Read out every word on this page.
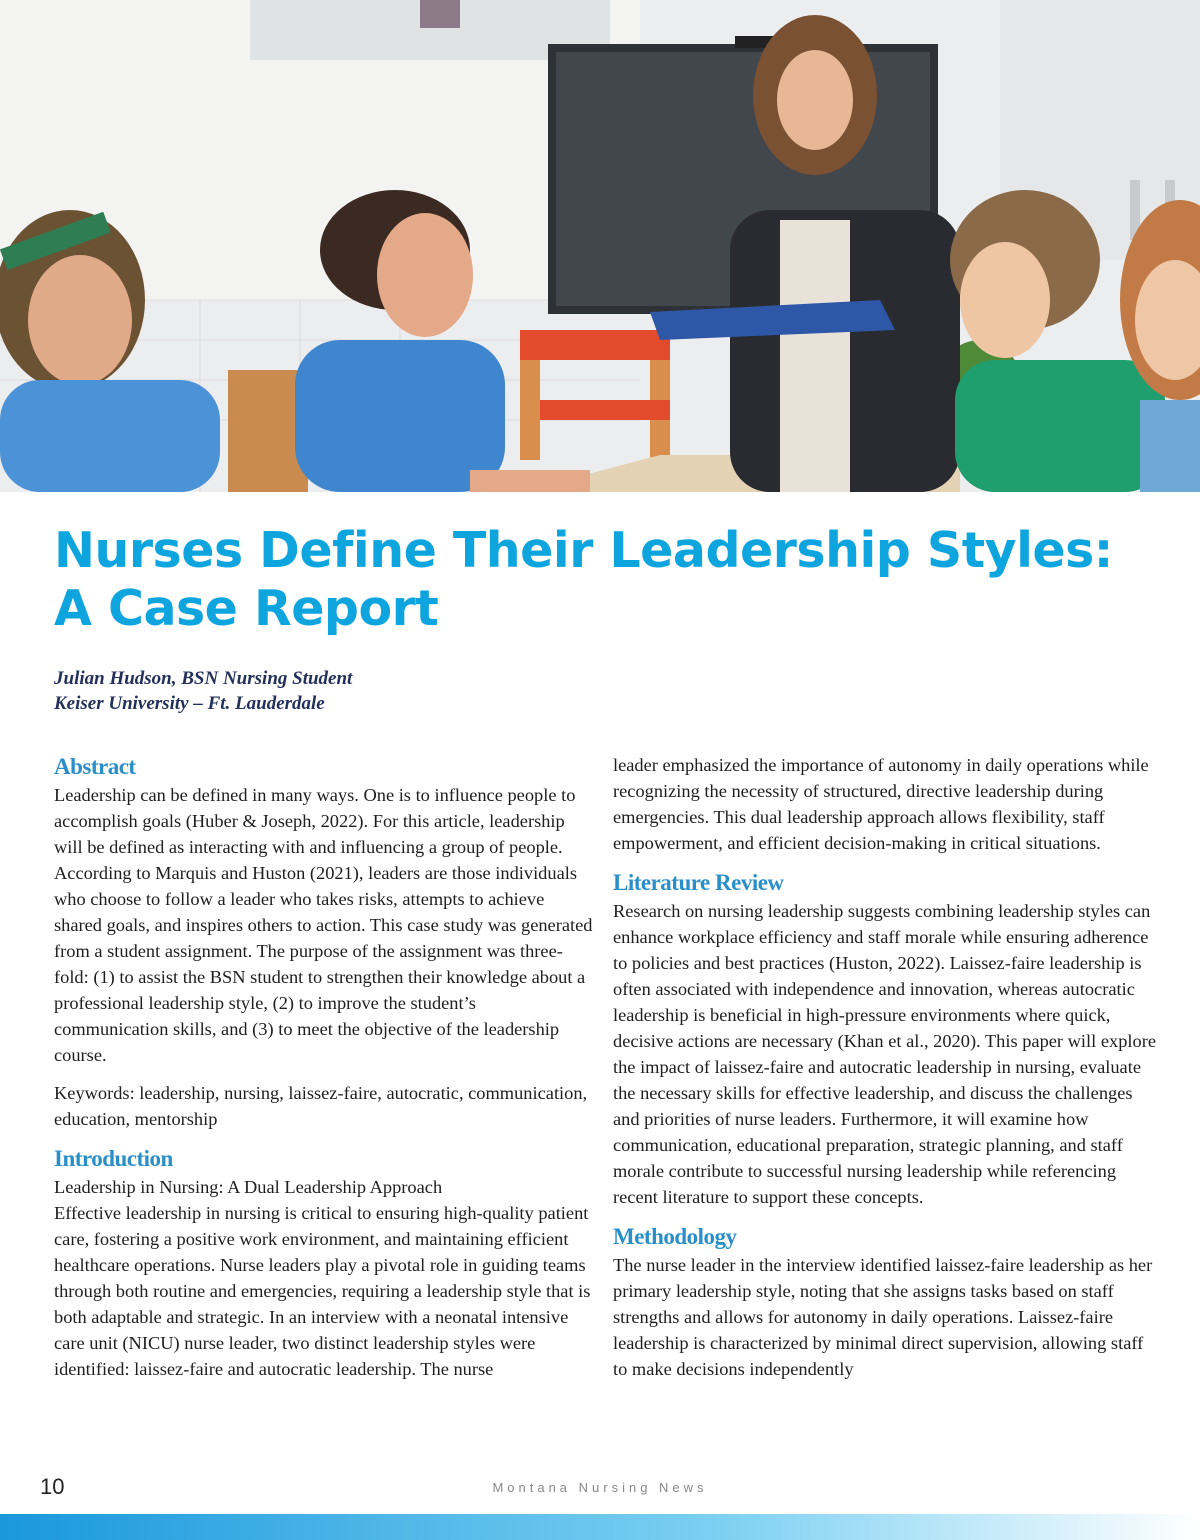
Nurses Define Their Leadership Styles: A Case Report

Julian Hudson, BSN Nursing Student

Keiser University – Ft. Lauderdale

Abstract

Leadership can be defined in many ways. One is to influence people to accomplish goals (Huber & Joseph, 2022). For this article, leadership will be defined as interacting with and influencing a group of people. According to Marquis and Huston (2021), leaders are those individuals who choose to follow a leader who takes risks, attempts to achieve shared goals, and inspires others to action. This case study was generated from a student assignment. The purpose of the assignment was three-fold: (1) to assist the BSN student to strengthen their knowledge about a professional leadership style, (2) to improve the student’s communication skills, and (3) to meet the objective of the leadership course.

Keywords: leadership, nursing, laissez-faire, autocratic, communication, education, mentorship

Introduction

Leadership in Nursing: A Dual Leadership Approach

Effective leadership in nursing is critical to ensuring high-quality patient care, fostering a positive work environment, and maintaining efficient healthcare operations. Nurse leaders play a pivotal role in guiding teams through both routine and emergencies, requiring a leadership style that is both adaptable and strategic. In an interview with a neonatal intensive care unit (NICU) nurse leader, two distinct leadership styles were identified: laissez-faire and autocratic leadership. The nurse

leader emphasized the importance of autonomy in daily operations while recognizing the necessity of structured, directive leadership during emergencies. This dual leadership approach allows flexibility, staff empowerment, and efficient decision-making in critical situations.

Literature Review

Research on nursing leadership suggests combining leadership styles can enhance workplace efficiency and staff morale while ensuring adherence to policies and best practices (Huston, 2022). Laissez-faire leadership is often associated with independence and innovation, whereas autocratic leadership is beneficial in high-pressure environments where quick, decisive actions are necessary (Khan et al., 2020). This paper will explore the impact of laissez-faire and autocratic leadership in nursing, evaluate the necessary skills for effective leadership, and discuss the challenges and priorities of nurse leaders. Furthermore, it will examine how communication, educational preparation, strategic planning, and staff morale contribute to successful nursing leadership while referencing recent literature to support these concepts.

Methodology

The nurse leader in the interview identified laissez-faire leadership as her primary leadership style, noting that she assigns tasks based on staff strengths and allows for autonomy in daily operations. Laissez-faire leadership is characterized by minimal direct supervision, allowing staff to make decisions independently

10	Montana Nursing News
